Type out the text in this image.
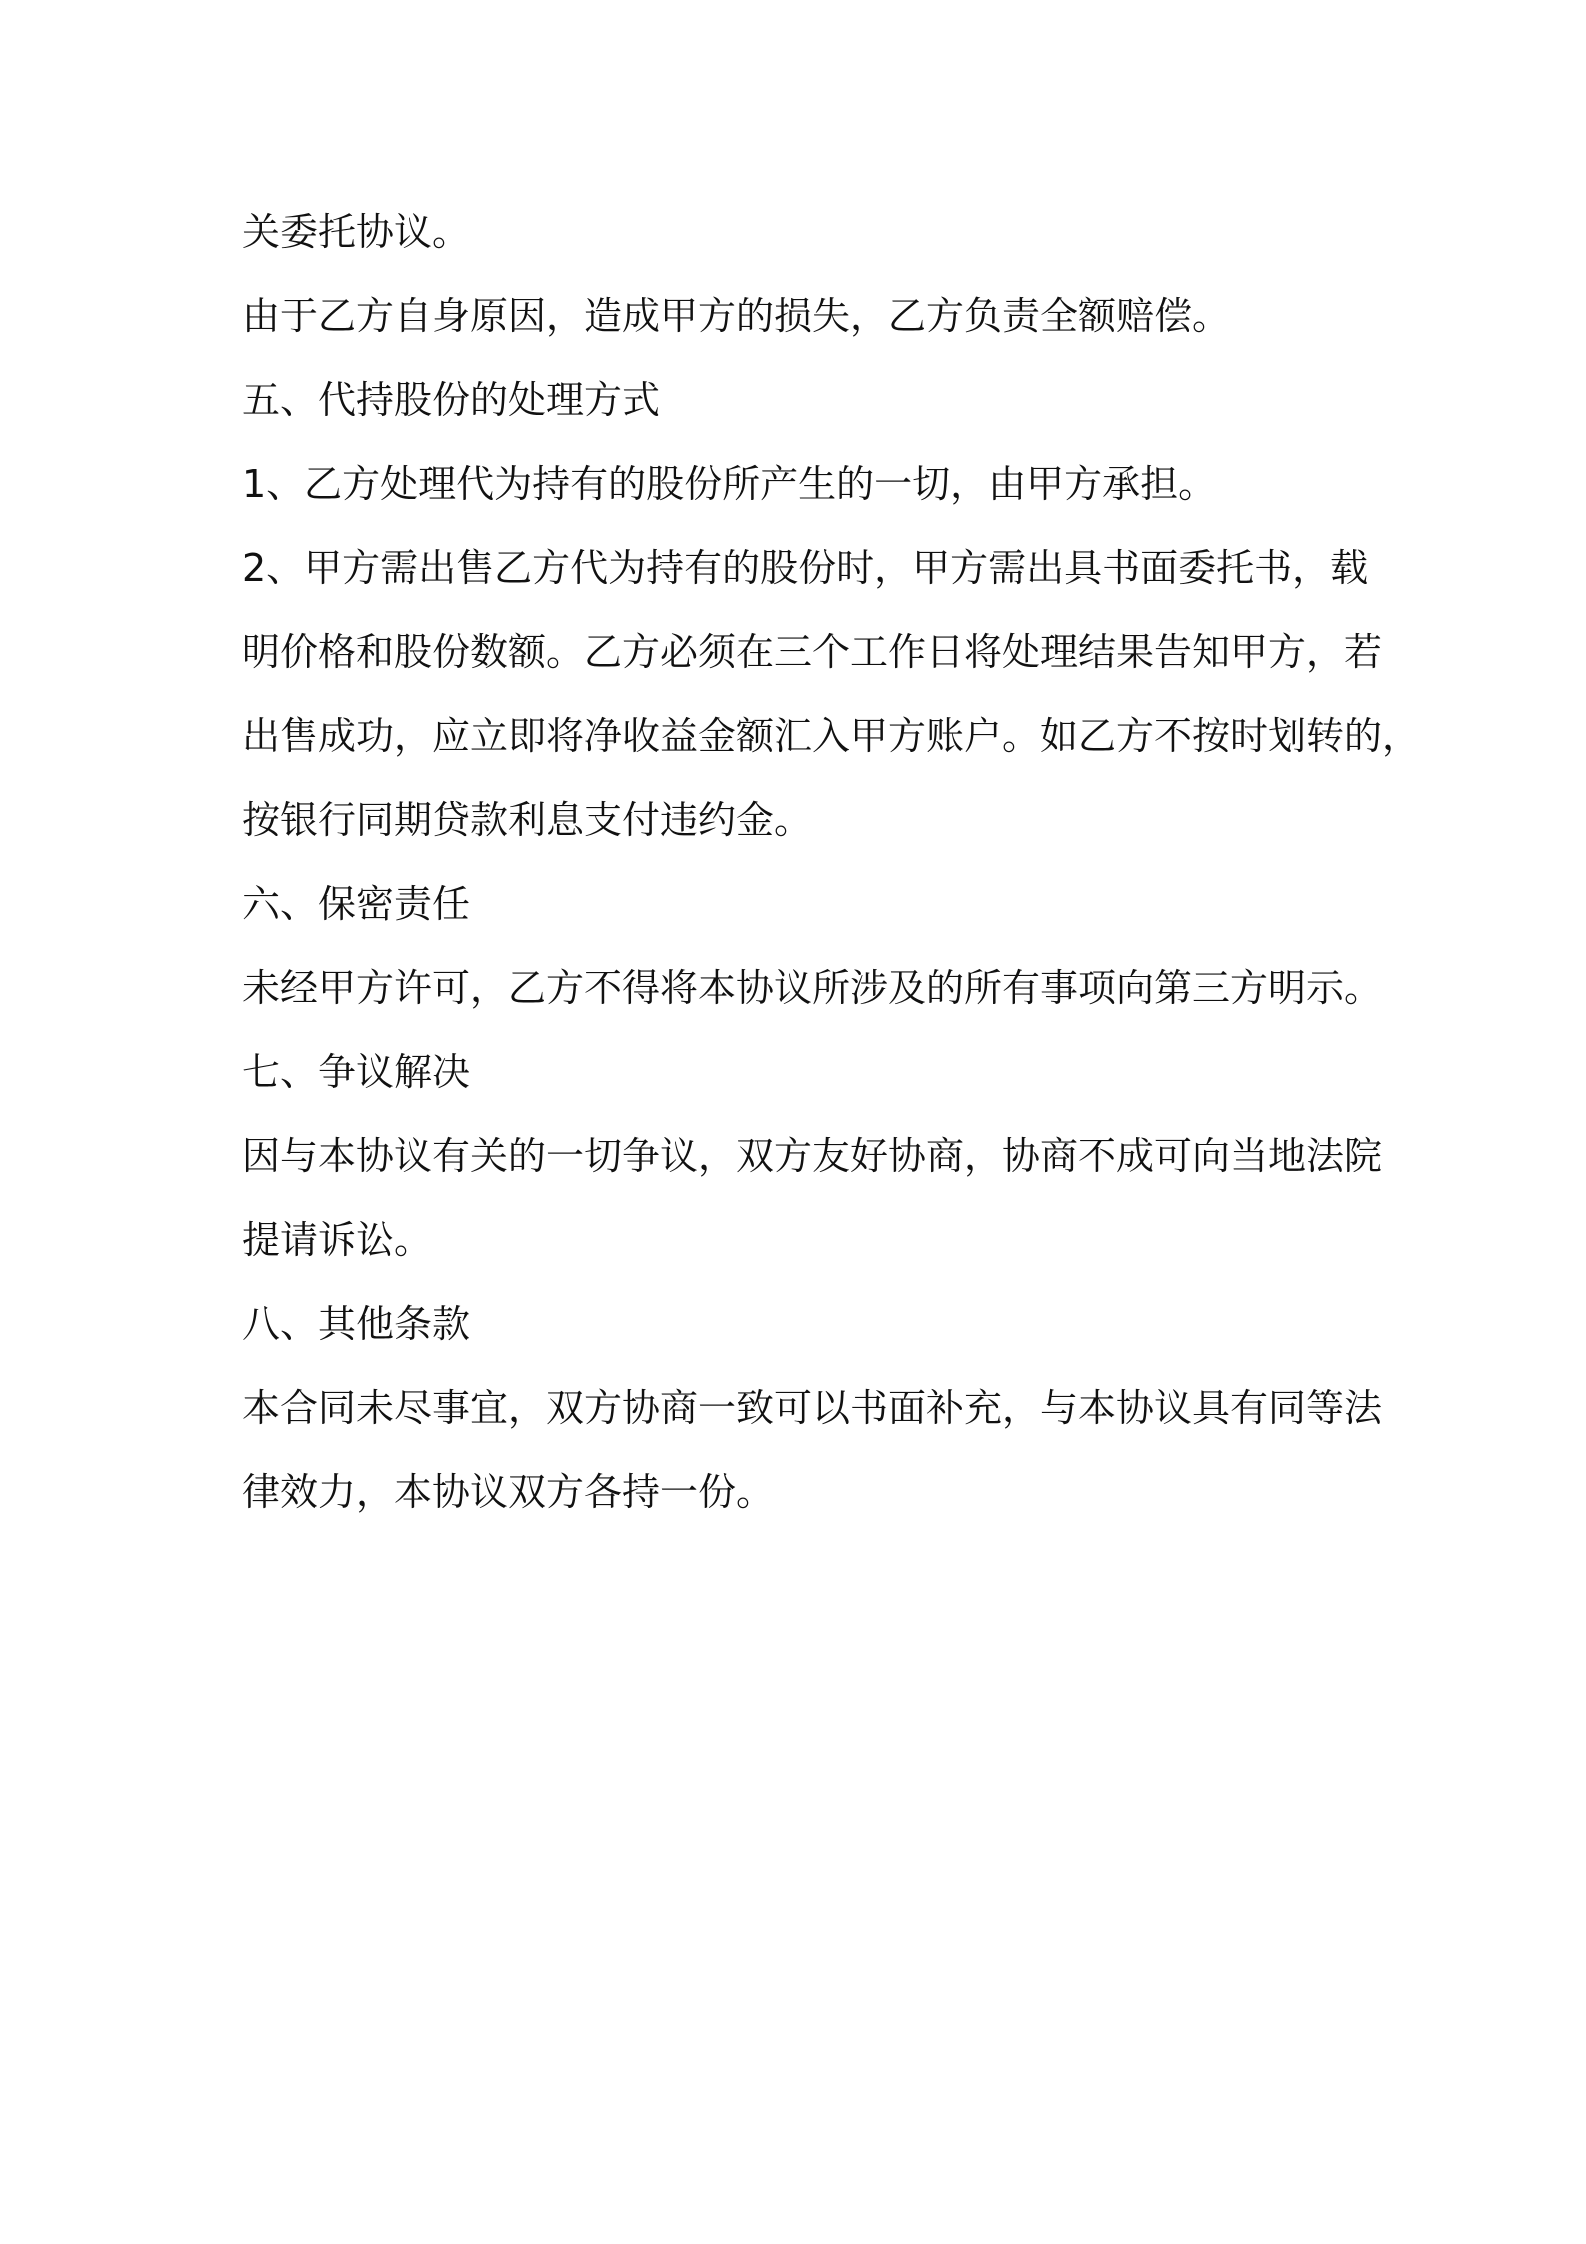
关委托协议。

由于乙方自身原因，造成甲方的损失，乙方负责全额赔偿。

五、代持股份的处理方式

1、乙方处理代为持有的股份所产生的一切，由甲方承担。

2、甲方需出售乙方代为持有的股份时，甲方需出具书面委托书，载

明价格和股份数额。乙方必须在三个工作日将处理结果告知甲方，若

出售成功，应立即将净收益金额汇入甲方账户。如乙方不按时划转的，

按银行同期贷款利息支付违约金。

六、保密责任

未经甲方许可，乙方不得将本协议所涉及的所有事项向第三方明示。

七、争议解决

因与本协议有关的一切争议，双方友好协商，协商不成可向当地法院

提请诉讼。

八、其他条款

本合同未尽事宜，双方协商一致可以书面补充，与本协议具有同等法

律效力，本协议双方各持一份。
